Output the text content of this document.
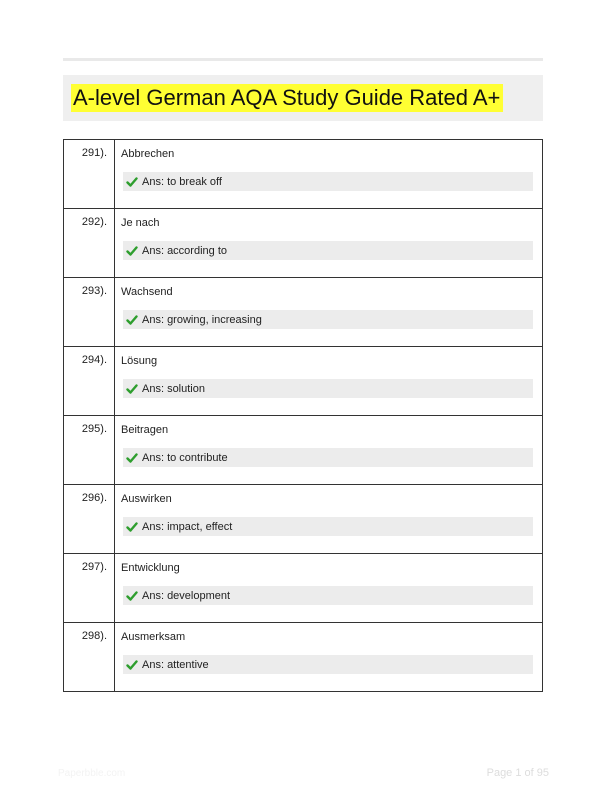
A-level German AQA Study Guide Rated A+
291).	Abbrechen
Ans: to break off
292).	Je nach
Ans: according to
293).	Wachsend
Ans: growing, increasing
294).	Lösung
Ans: solution
295).	Beitragen
Ans: to contribute
296).	Auswirken
Ans: impact, effect
297).	Entwicklung
Ans: development
298).	Ausmerksam
Ans: attentive
Paperbble.com	Page 1 of 95
